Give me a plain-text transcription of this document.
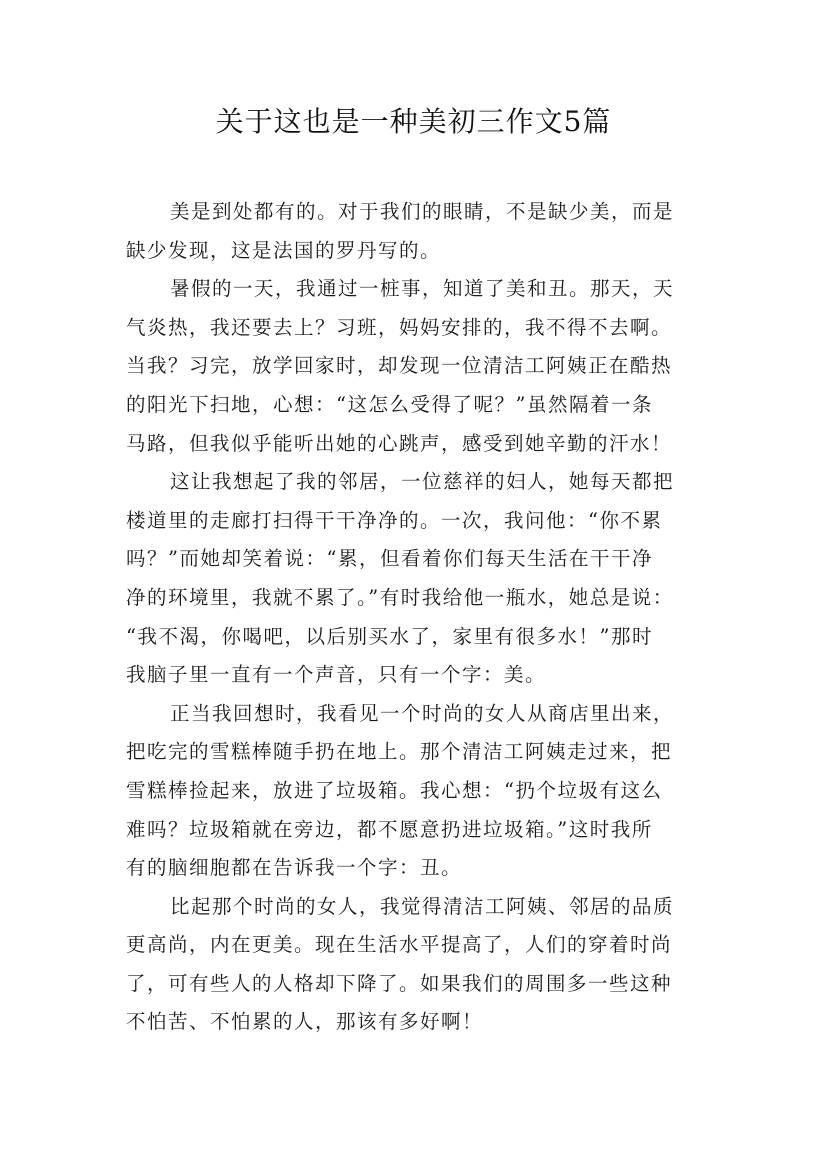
关于这也是一种美初三作文5篇
美是到处都有的。对于我们的眼睛，不是缺少美，而是
缺少发现，这是法国的罗丹写的。
暑假的一天，我通过一桩事，知道了美和丑。那天，天
气炎热，我还要去上？习班，妈妈安排的，我不得不去啊。
当我？习完，放学回家时，却发现一位清洁工阿姨正在酷热
的阳光下扫地，心想：“这怎么受得了呢？”虽然隔着一条
马路，但我似乎能听出她的心跳声，感受到她辛勤的汗水！
这让我想起了我的邻居，一位慈祥的妇人，她每天都把
楼道里的走廊打扫得干干净净的。一次，我问他：“你不累
吗？”而她却笑着说：“累，但看着你们每天生活在干干净
净的环境里，我就不累了。”有时我给他一瓶水，她总是说：
“我不渴，你喝吧，以后别买水了，家里有很多水！”那时
我脑子里一直有一个声音，只有一个字：美。
正当我回想时，我看见一个时尚的女人从商店里出来，
把吃完的雪糕棒随手扔在地上。那个清洁工阿姨走过来，把
雪糕棒捡起来，放进了垃圾箱。我心想：“扔个垃圾有这么
难吗？垃圾箱就在旁边，都不愿意扔进垃圾箱。”这时我所
有的脑细胞都在告诉我一个字：丑。
比起那个时尚的女人，我觉得清洁工阿姨、邻居的品质
更高尚，内在更美。现在生活水平提高了，人们的穿着时尚
了，可有些人的人格却下降了。如果我们的周围多一些这种
不怕苦、不怕累的人，那该有多好啊！
